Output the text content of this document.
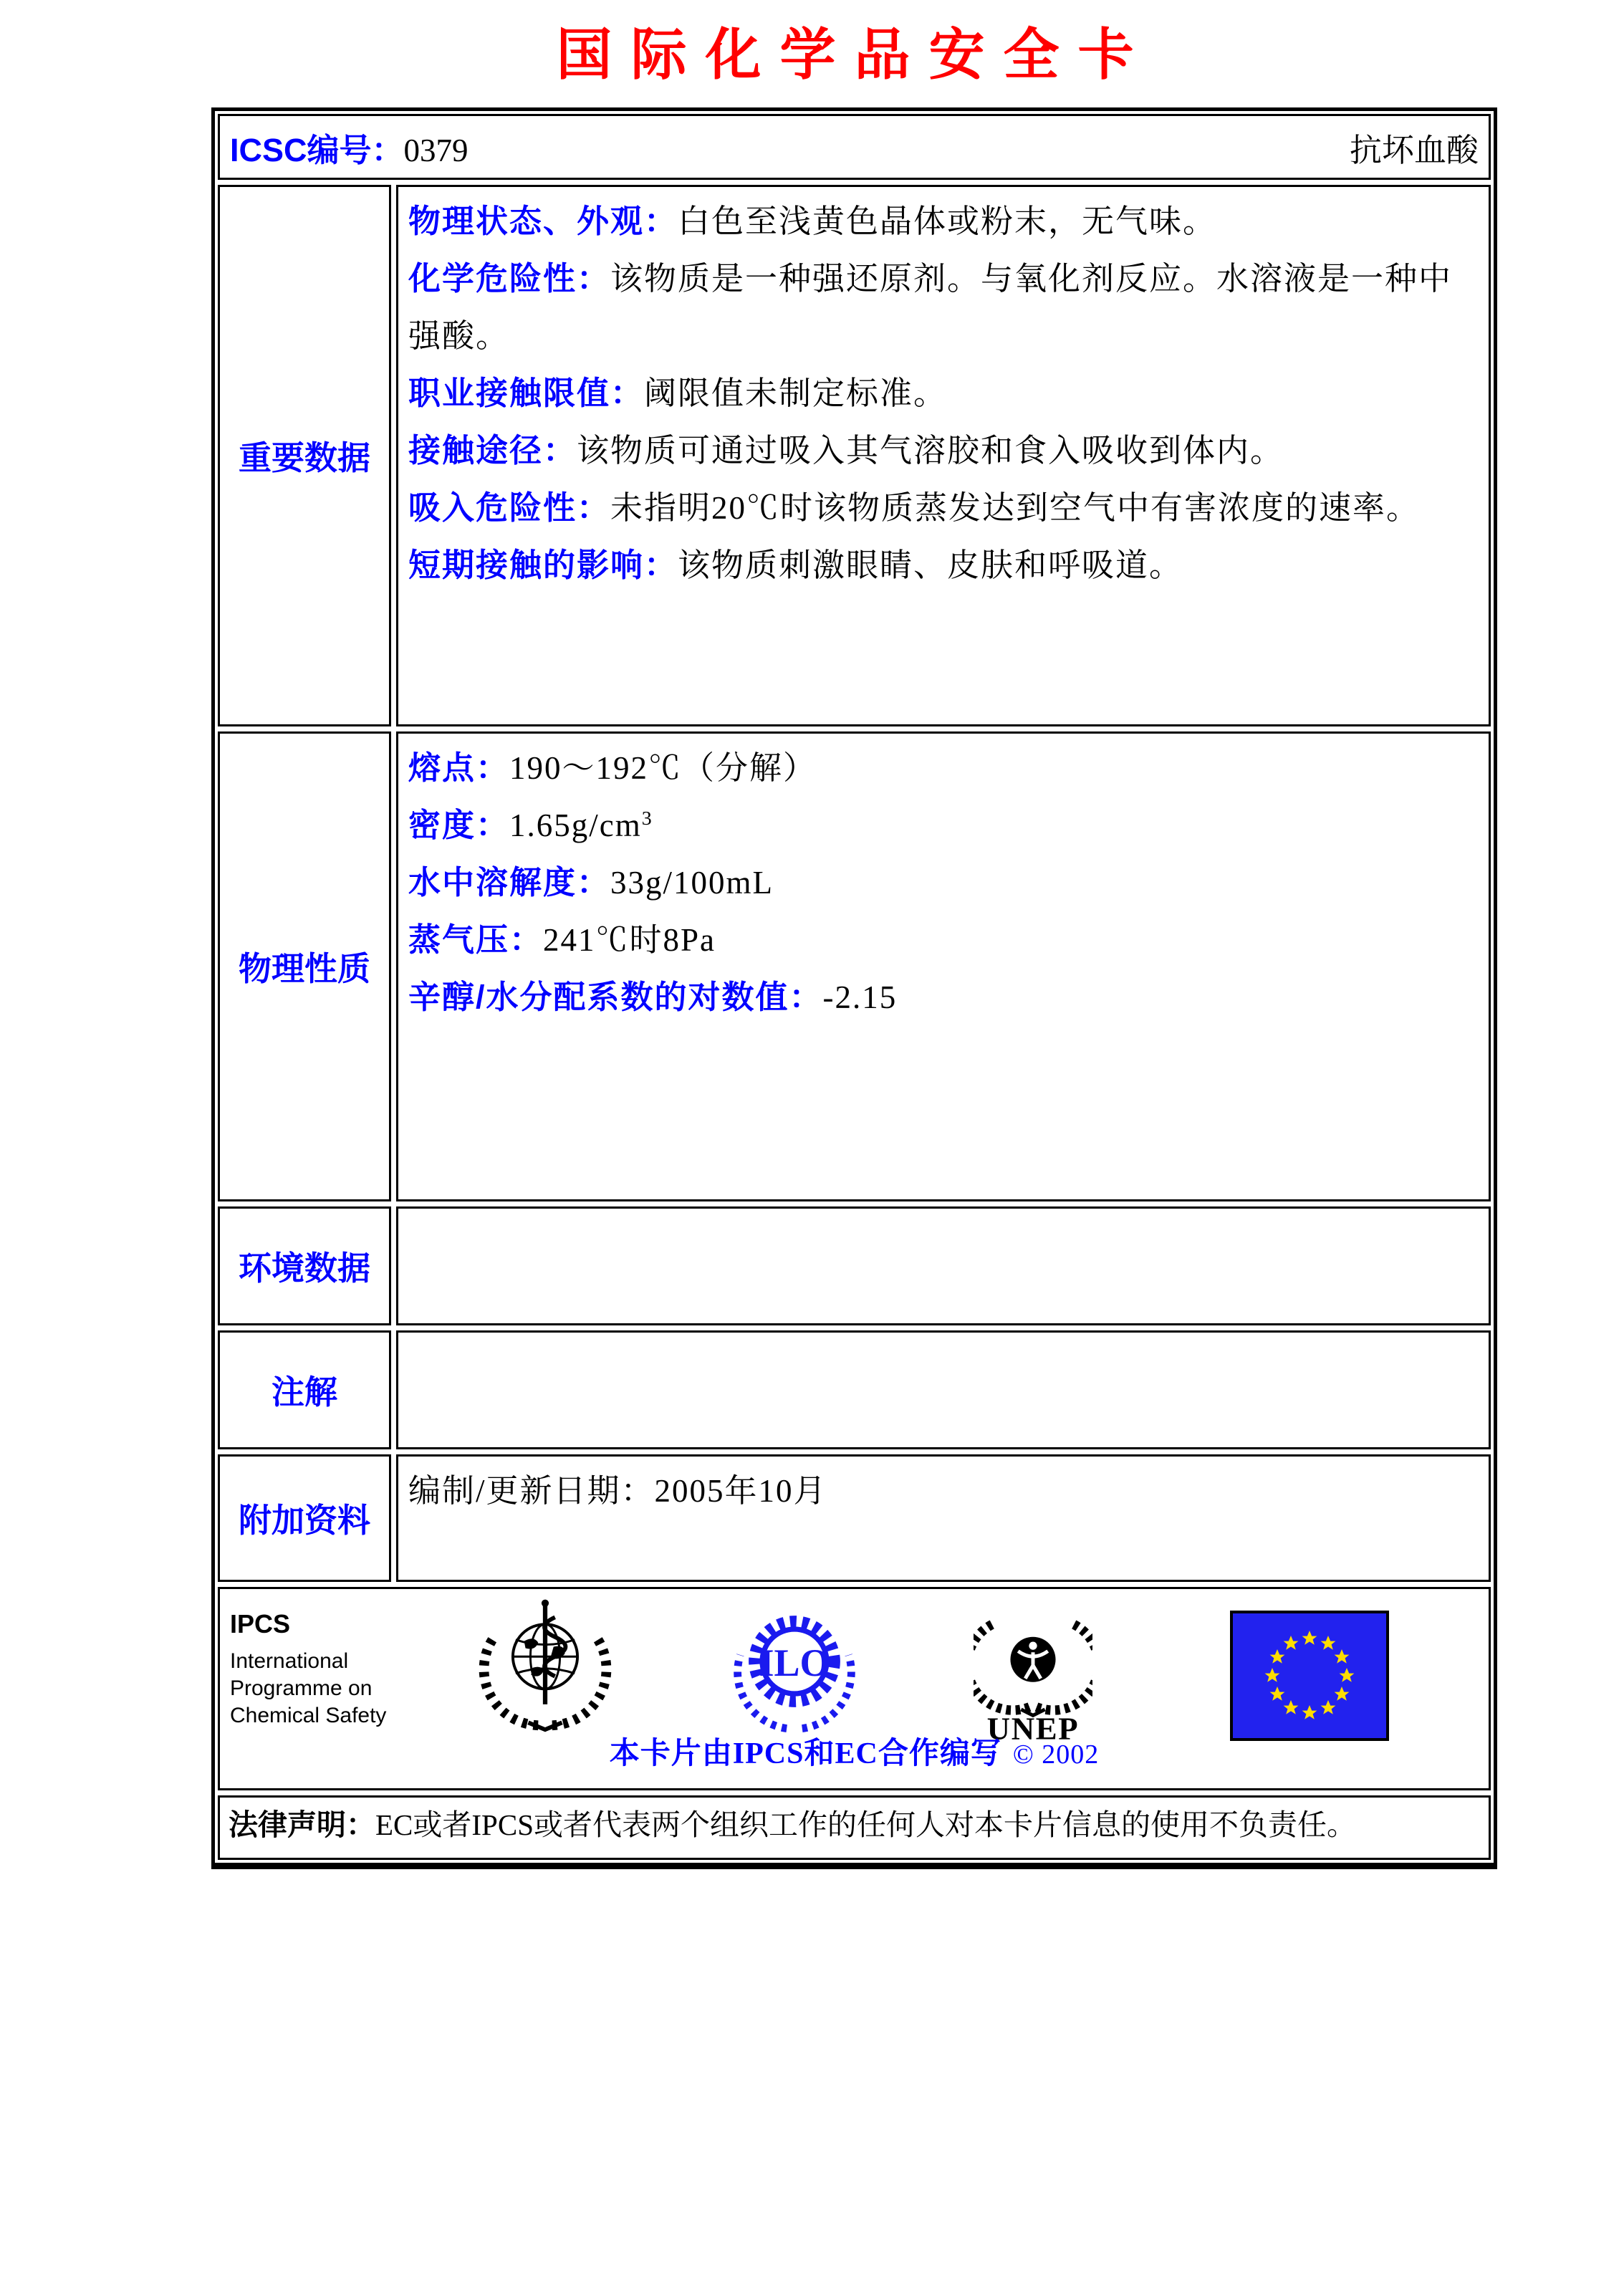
国际化学品安全卡
ICSC编号：0379	抗坏血酸
重要数据
物理状态、外观：白色至浅黄色晶体或粉末，无气味。
化学危险性：该物质是一种强还原剂。与氧化剂反应。水溶液是一种中强酸。
职业接触限值：阈限值未制定标准。
接触途径：该物质可通过吸入其气溶胶和食入吸收到体内。
吸入危险性：未指明20℃时该物质蒸发达到空气中有害浓度的速率。
短期接触的影响：该物质刺激眼睛、皮肤和呼吸道。
物理性质
熔点：190～192℃（分解）
密度：$1.65g/cm^3$
水中溶解度：33g/100mL
蒸气压：241℃时8Pa
辛醇/水分配系数的对数值：-2.15
环境数据
注解
附加资料
编制/更新日期：2005年10月
IPCS
International
Programme on
Chemical Safety
ILO
UNEP
本卡片由IPCS和EC合作编写 © 2002
法律声明：EC或者IPCS或者代表两个组织工作的任何人对本卡片信息的使用不负责任。
